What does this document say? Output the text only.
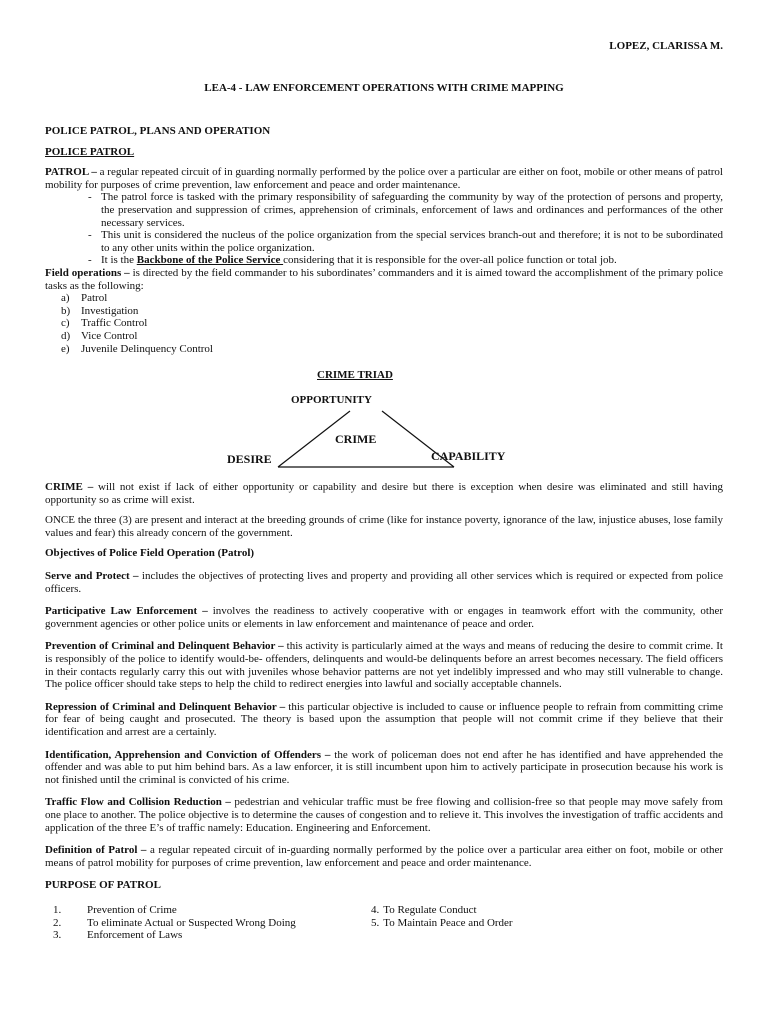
LOPEZ, CLARISSA M.
LEA-4 - LAW ENFORCEMENT OPERATIONS WITH CRIME MAPPING

POLICE PATROL, PLANS AND OPERATION

POLICE PATROL

PATROL – a regular repeated circuit of in guarding normally performed by the police over a particular are either on foot, mobile or other means of patrol mobility for purposes of crime prevention, law enforcement and peace and order maintenance.

- The patrol force is tasked with the primary responsibility of safeguarding the community by way of the protection of persons and property, the preservation and suppression of crimes, apprehension of criminals, enforcement of laws and ordinances and performances of the other necessary services.
- This unit is considered the nucleus of the police organization from the special services branch-out and therefore; it is not to be subordinated to any other units within the police organization.
- It is the Backbone of the Police Service considering that it is responsible for the over-all police function or total job.

Field operations – is directed by the field commander to his subordinates’ commanders and it is aimed toward the accomplishment of the primary police tasks as the following:

a) Patrol
b) Investigation
c) Traffic Control
d) Vice Control
e) Juvenile Delinquency Control
CRIME TRIAD
OPPORTUNITY
CRIME
DESIRE	CAPABILITY

CRIME – will not exist if lack of either opportunity or capability and desire but there is exception when desire was eliminated and still having opportunity so as crime will exist.

ONCE the three (3) are present and interact at the breeding grounds of crime (like for instance poverty, ignorance of the law, injustice abuses, lose family values and fear) this already concern of the government.

Objectives of Police Field Operation (Patrol)

Serve and Protect – includes the objectives of protecting lives and property and providing all other services which is required or expected from police officers.

Participative Law Enforcement – involves the readiness to actively cooperative with or engages in teamwork effort with the community, other government agencies or other police units or elements in law enforcement and maintenance of peace and order.

Prevention of Criminal and Delinquent Behavior – this activity is particularly aimed at the ways and means of reducing the desire to commit crime. It is responsibly of the police to identify would-be- offenders, delinquents and would-be delinquents before an arrest becomes necessary. The field officers in their contacts regularly carry this out with juveniles whose behavior patterns are not yet indelibly impressed and who may still vulnerable to change. The police officer should take steps to help the child to redirect energies into lawful and socially acceptable channels.

Repression of Criminal and Delinquent Behavior – this particular objective is included to cause or influence people to refrain from committing crime for fear of being caught and prosecuted. The theory is based upon the assumption that people will not commit crime if they believe that their identification and arrest are a certainly.

Identification, Apprehension and Conviction of Offenders – the work of policeman does not end after he has identified and have apprehended the offender and was able to put him behind bars. As a law enforcer, it is still incumbent upon him to actively participate in prosecution because his work is not finished until the criminal is convicted of his crime.

Traffic Flow and Collision Reduction – pedestrian and vehicular traffic must be free flowing and collision-free so that people may move safely from one place to another. The police objective is to determine the causes of congestion and to relieve it. This involves the investigation of traffic accidents and application of the three E’s of traffic namely: Education. Engineering and Enforcement.

Definition of Patrol – a regular repeated circuit of in-guarding normally performed by the police over a particular area either on foot, mobile or other means of patrol mobility for purposes of crime prevention, law enforcement and peace and order maintenance.

PURPOSE OF PATROL

1. Prevention of Crime
2. To eliminate Actual or Suspected Wrong Doing
3. Enforcement of Laws
4. To Regulate Conduct
5. To Maintain Peace and Order
